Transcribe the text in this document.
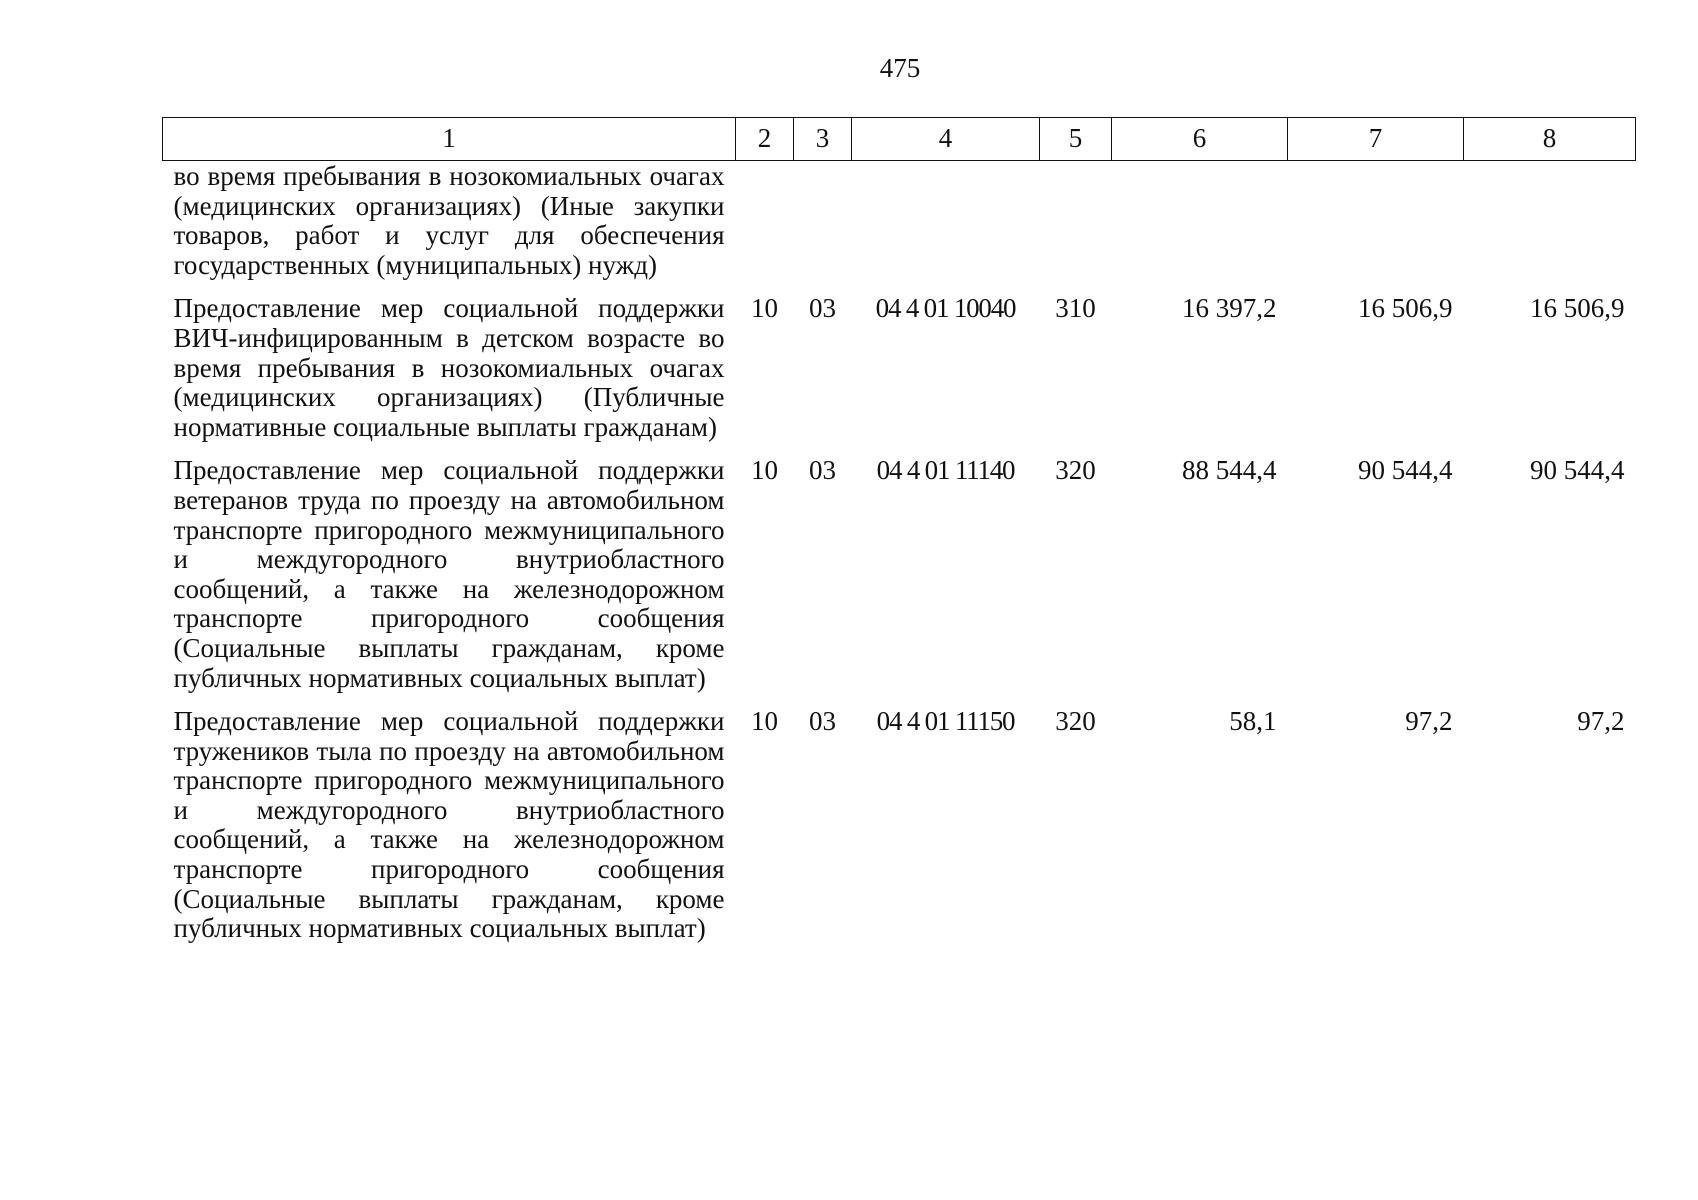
475
1	2	3	4	5	6	7	8
во время пребывания в нозокомиальных очагах (медицинских организациях) (Иные закупки товаров, работ и услуг для обеспечения государственных (муниципальных) нужд)							
Предоставление мер социальной поддержки ВИЧ-инфицированным в детском возрасте во время пребывания в нозокомиальных очагах (медицинских организациях) (Публичные нормативные социальные выплаты гражданам)	10	03	04 4 01 10040	310	16 397,2	16 506,9	16 506,9
Предоставление мер социальной поддержки ветеранов труда по проезду на автомобильном транспорте пригородного межмуниципального и междугородного внутриобластного сообщений, а также на железнодорожном транспорте пригородного сообщения (Социальные выплаты гражданам, кроме публичных нормативных социальных выплат)	10	03	04 4 01 11140	320	88 544,4	90 544,4	90 544,4
Предоставление мер социальной поддержки тружеников тыла по проезду на автомобильном транспорте пригородного межмуниципального и междугородного внутриобластного сообщений, а также на железнодорожном транспорте пригородного сообщения (Социальные выплаты гражданам, кроме публичных нормативных социальных выплат)	10	03	04 4 01 11150	320	58,1	97,2	97,2
